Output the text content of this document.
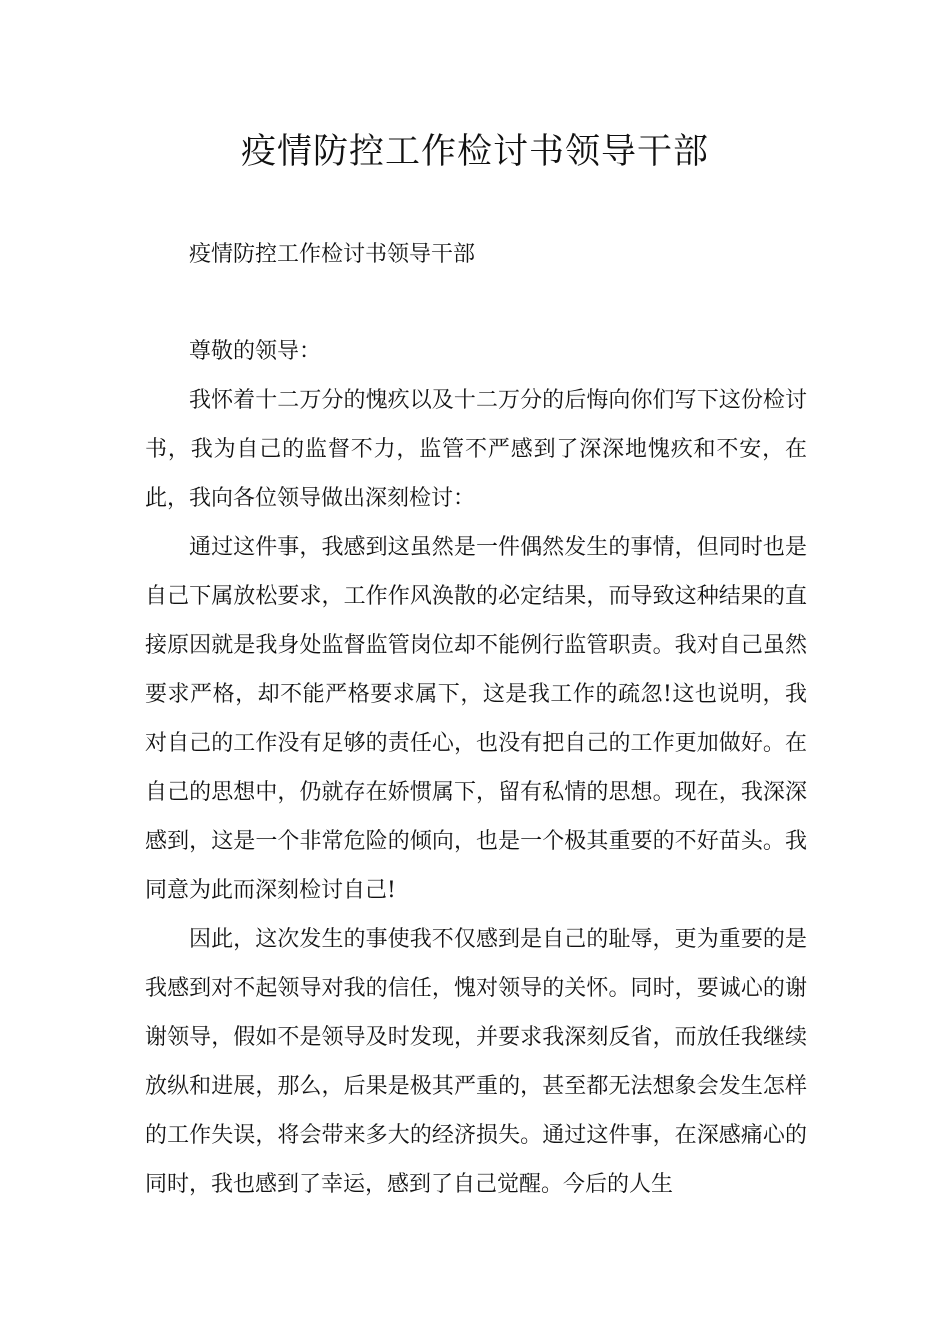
疫情防控工作检讨书领导干部

疫情防控工作检讨书领导干部

尊敬的领导：

我怀着十二万分的愧疚以及十二万分的后悔向你们写下这份检讨书，我为自己的监督不力，监管不严感到了深深地愧疚和不安，在此，我向各位领导做出深刻检讨：

通过这件事，我感到这虽然是一件偶然发生的事情，但同时也是自己下属放松要求，工作作风涣散的必定结果，而导致这种结果的直接原因就是我身处监督监管岗位却不能例行监管职责。我对自己虽然要求严格，却不能严格要求属下，这是我工作的疏忽!这也说明，我对自己的工作没有足够的责任心，也没有把自己的工作更加做好。在自己的思想中，仍就存在娇惯属下，留有私情的思想。现在，我深深感到，这是一个非常危险的倾向，也是一个极其重要的不好苗头。我同意为此而深刻检讨自己!

因此，这次发生的事使我不仅感到是自己的耻辱，更为重要的是我感到对不起领导对我的信任，愧对领导的关怀。同时，要诚心的谢谢领导，假如不是领导及时发现，并要求我深刻反省，而放任我继续放纵和进展，那么，后果是极其严重的，甚至都无法想象会发生怎样的工作失误，将会带来多大的经济损失。通过这件事，在深感痛心的同时，我也感到了幸运，感到了自己觉醒。今后的人生
